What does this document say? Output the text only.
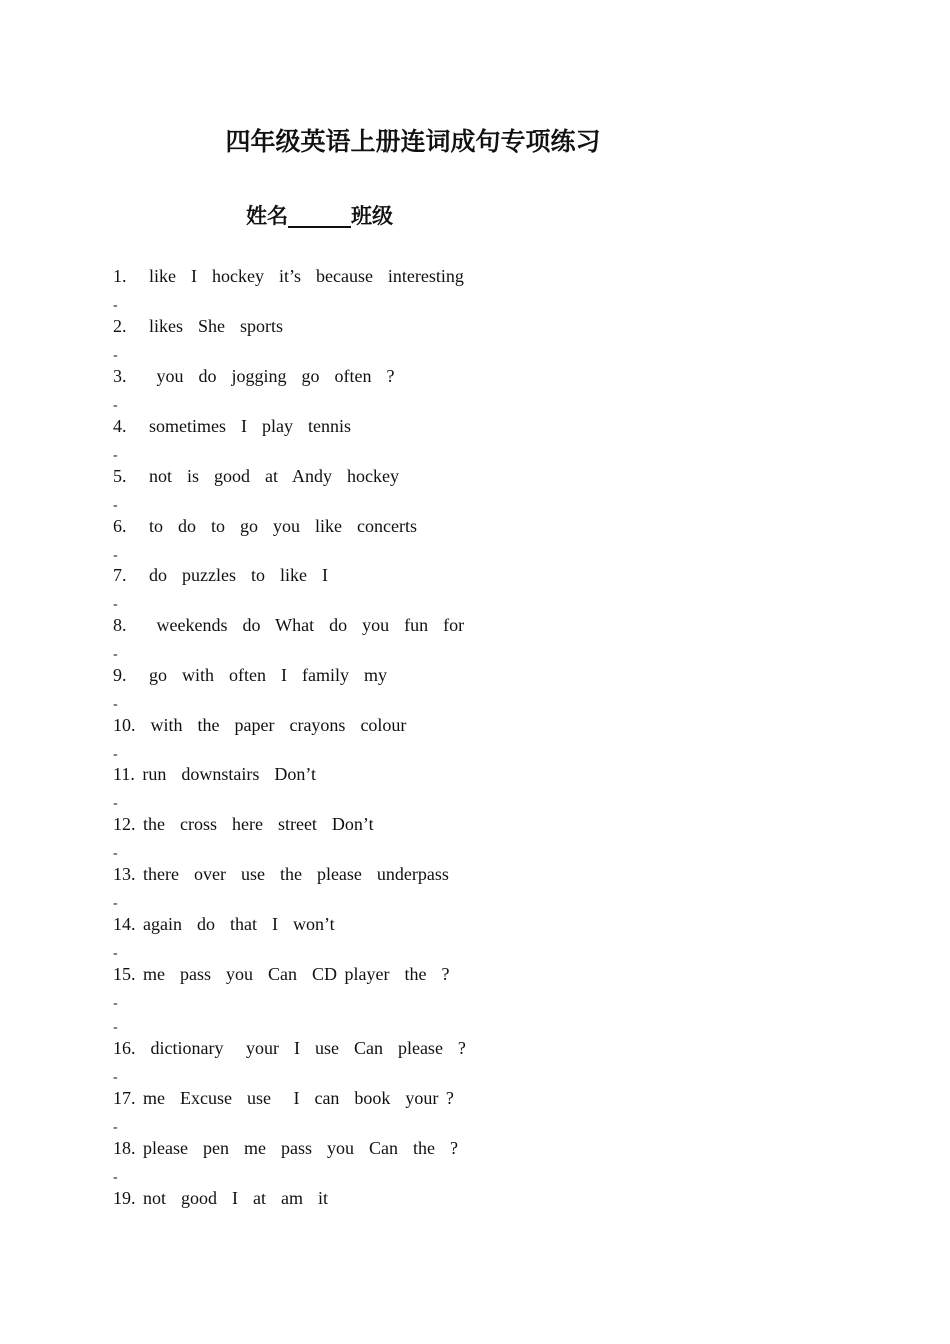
四年级英语上册连词成句专项练习
姓名______班级
1.   like  I  hockey  it’s  because  interesting
-
2.   likes  She  sports
-
3.    you  do  jogging  go  often  ?
-
4.   sometimes  I  play  tennis
-
5.   not  is  good  at  Andy  hockey
-
6.   to  do  to  go  you  like  concerts
-
7.   do  puzzles  to  like  I
-
8.    weekends  do  What  do  you  fun  for
-
9.   go  with  often  I  family  my
-
10.  with  the  paper  crayons  colour
-
11. run  downstairs  Don’t
-
12. the  cross  here  street  Don’t
-
13. there  over  use  the  please  underpass
-
14. again  do  that  I  won’t
-
15. me  pass  you  Can  CD player  the  ?
-
-
16.  dictionary   your  I  use  Can  please  ?
-
17. me  Excuse  use   I  can  book  your ?
-
18. please  pen  me  pass  you  Can  the  ?
-
19. not  good  I  at  am  it
